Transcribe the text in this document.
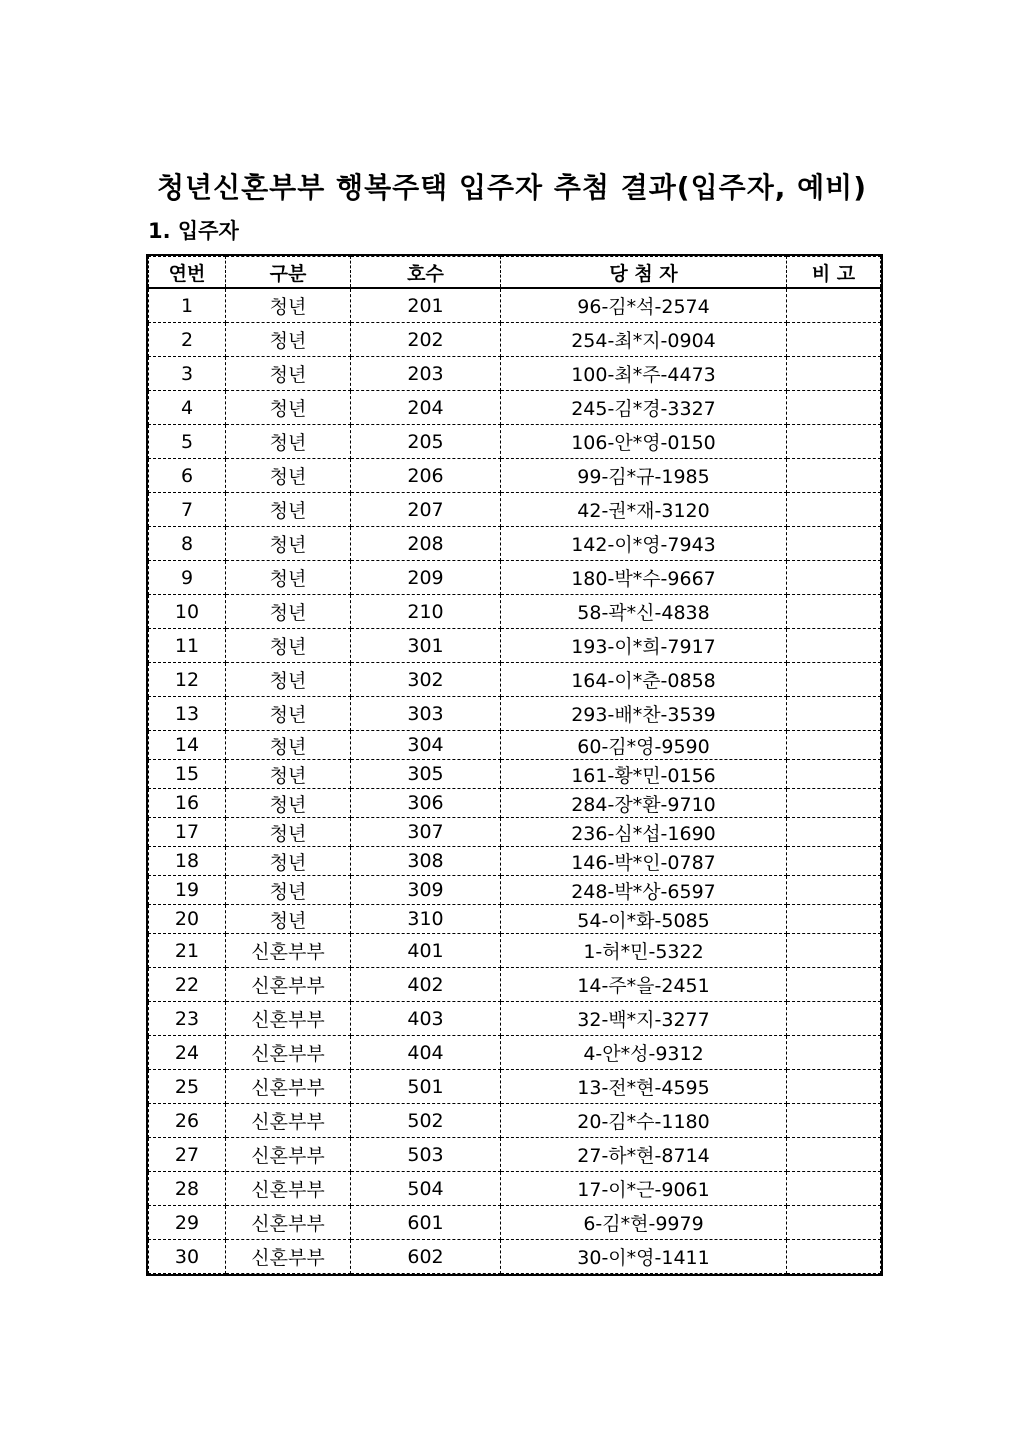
청년신혼부부 행복주택 입주자 추첨 결과(입주자, 예비)
1. 입주자
연번	구분	호수	당 첨 자	비 고
1	청년	201	96-김*석-2574	
2	청년	202	254-최*지-0904	
3	청년	203	100-최*주-4473	
4	청년	204	245-김*경-3327	
5	청년	205	106-안*영-0150	
6	청년	206	99-김*규-1985	
7	청년	207	42-권*재-3120	
8	청년	208	142-이*영-7943	
9	청년	209	180-박*수-9667	
10	청년	210	58-곽*신-4838	
11	청년	301	193-이*희-7917	
12	청년	302	164-이*춘-0858	
13	청년	303	293-배*찬-3539	
14	청년	304	60-김*영-9590	
15	청년	305	161-황*민-0156	
16	청년	306	284-장*환-9710	
17	청년	307	236-심*섭-1690	
18	청년	308	146-박*인-0787	
19	청년	309	248-박*상-6597	
20	청년	310	54-이*화-5085	
21	신혼부부	401	1-허*민-5322	
22	신혼부부	402	14-주*을-2451	
23	신혼부부	403	32-백*지-3277	
24	신혼부부	404	4-안*성-9312	
25	신혼부부	501	13-전*현-4595	
26	신혼부부	502	20-김*수-1180	
27	신혼부부	503	27-하*현-8714	
28	신혼부부	504	17-이*근-9061	
29	신혼부부	601	6-김*현-9979	
30	신혼부부	602	30-이*영-1411	
